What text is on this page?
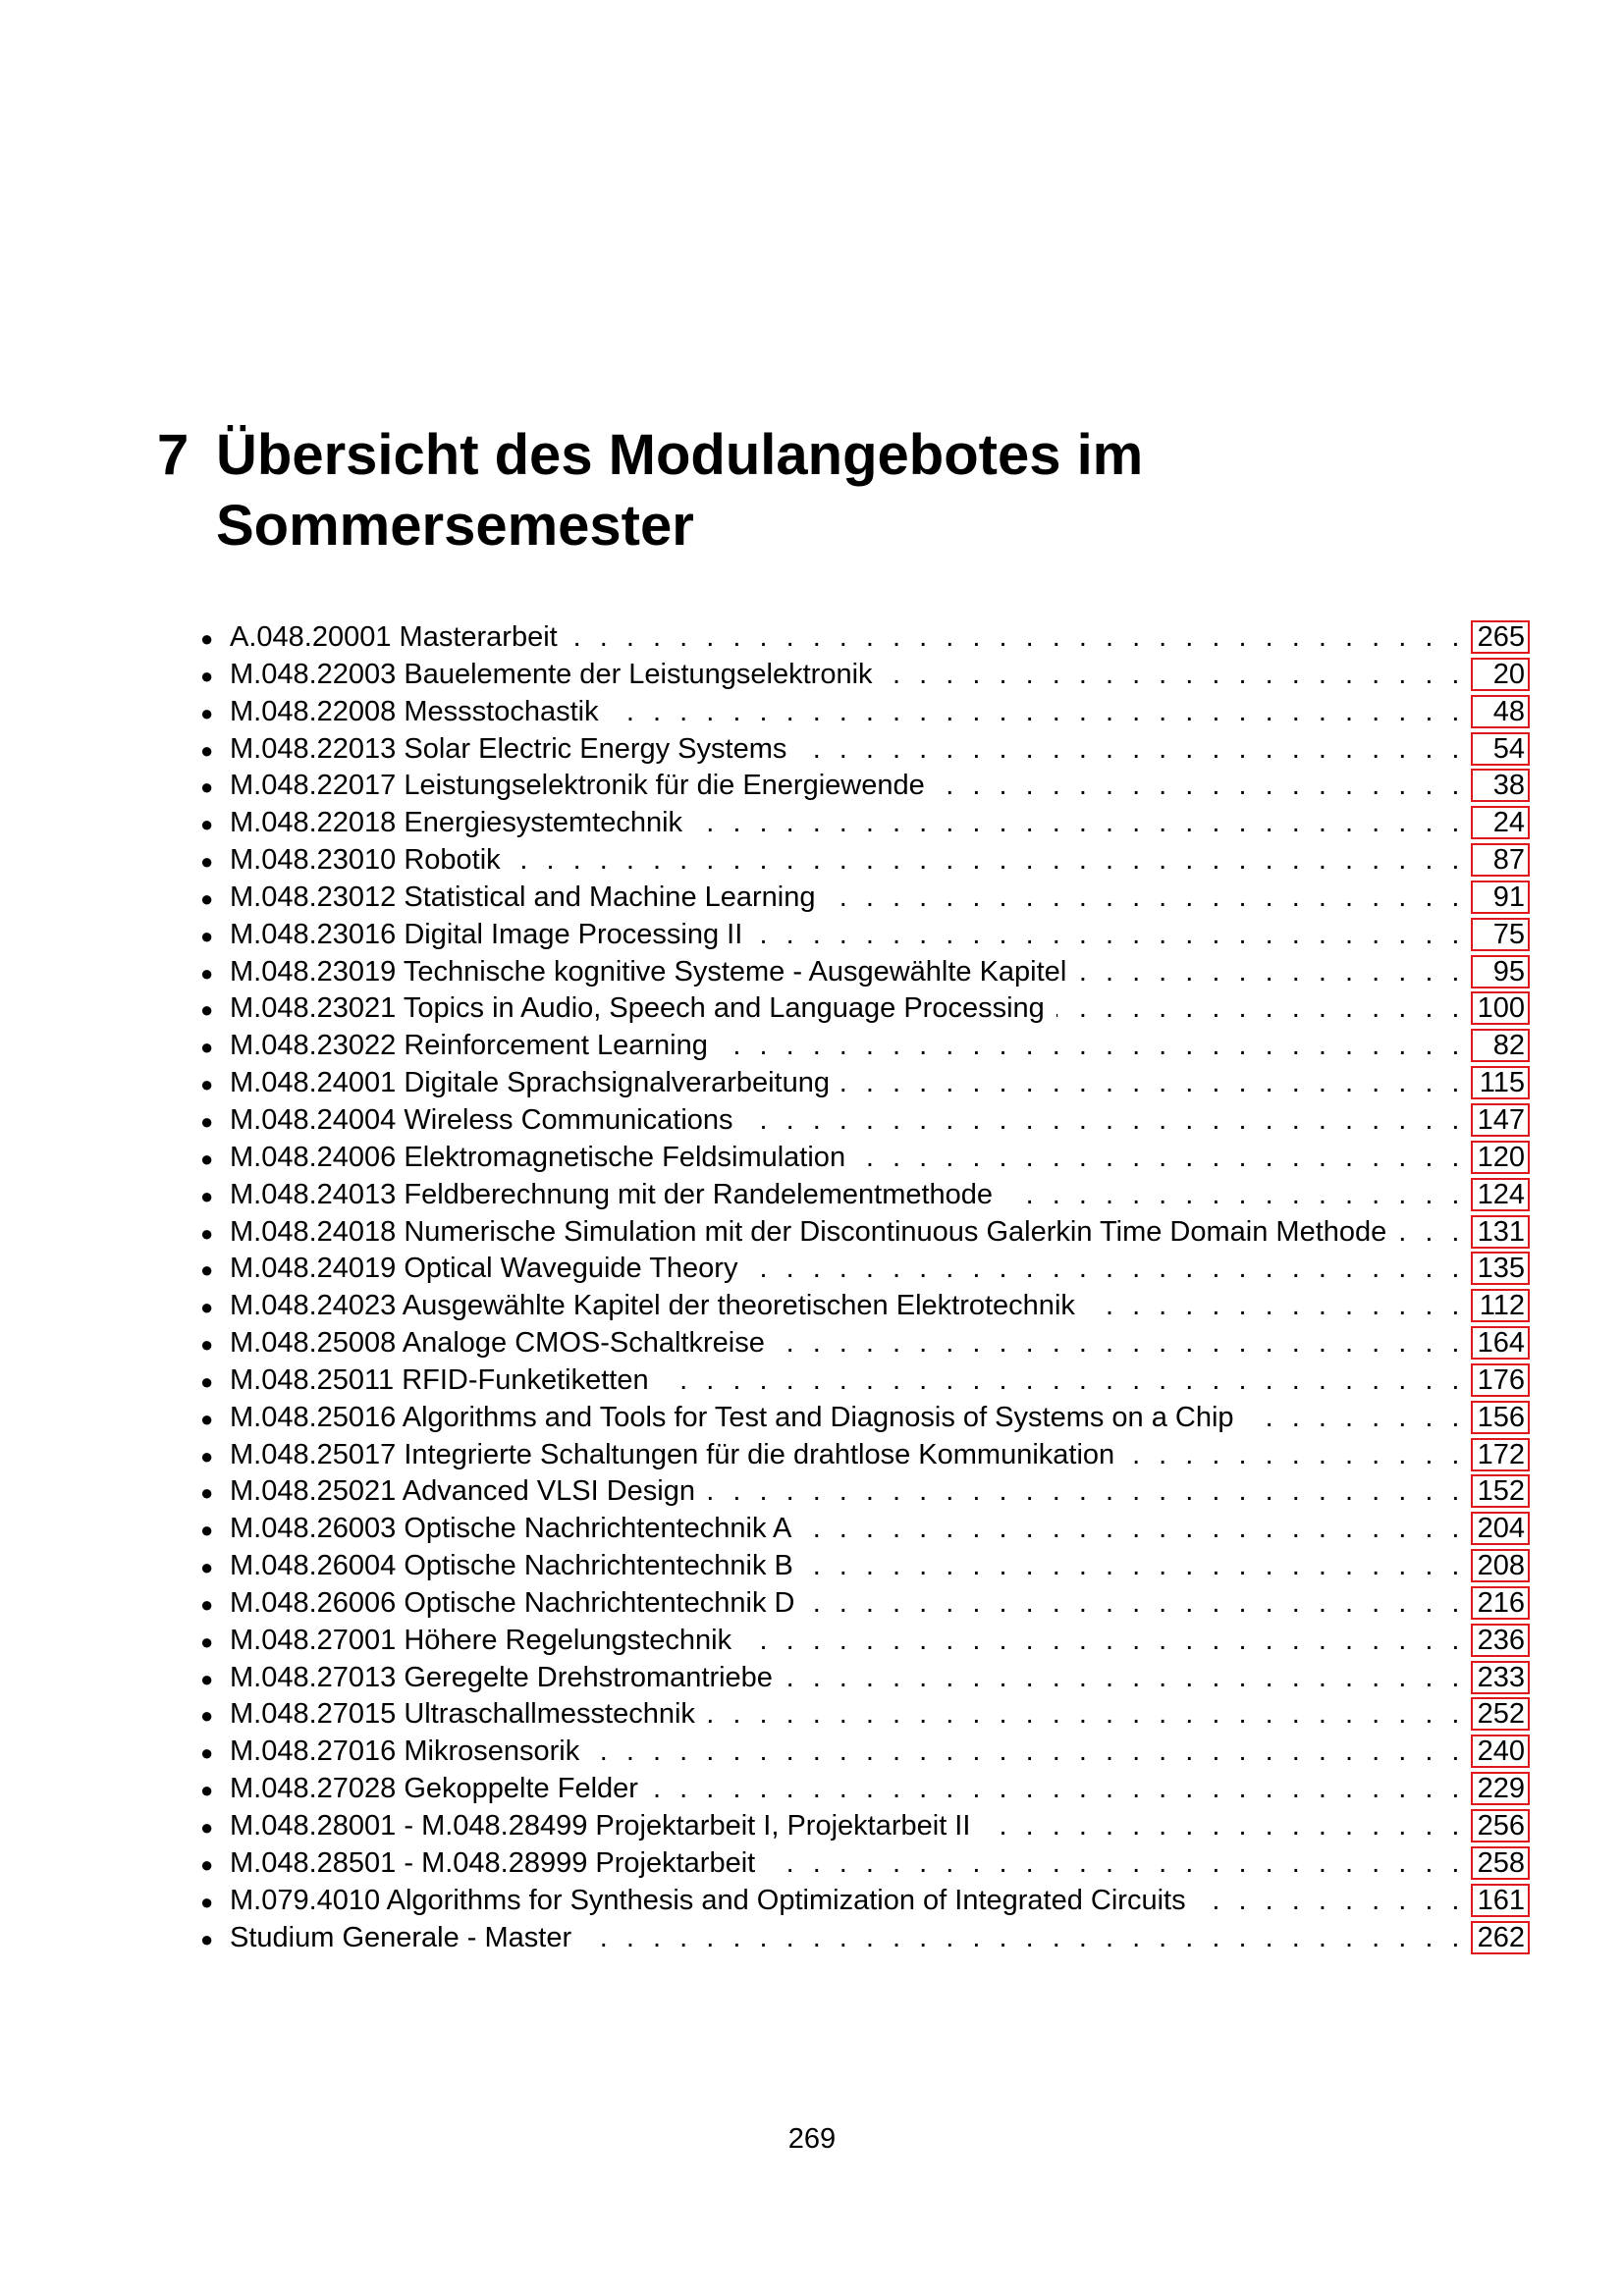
7 Übersicht des Modulangebotes im Sommersemester
● A.048.20001 Masterarbeit . . .	265
● M.048.22003 Bauelemente der Leistungselektronik . . .	20
● M.048.22008 Messstochastik . . .	48
● M.048.22013 Solar Electric Energy Systems . . .	54
● M.048.22017 Leistungselektronik für die Energiewende . . .	38
● M.048.22018 Energiesystemtechnik . . .	24
● M.048.23010 Robotik . . .	87
● M.048.23012 Statistical and Machine Learning . . .	91
● M.048.23016 Digital Image Processing II . . .	75
● M.048.23019 Technische kognitive Systeme - Ausgewählte Kapitel . . .	95
● M.048.23021 Topics in Audio, Speech and Language Processing . . .	100
● M.048.23022 Reinforcement Learning . . .	82
● M.048.24001 Digitale Sprachsignalverarbeitung . . .	115
● M.048.24004 Wireless Communications . . .	147
● M.048.24006 Elektromagnetische Feldsimulation . . .	120
● M.048.24013 Feldberechnung mit der Randelementmethode . . .	124
● M.048.24018 Numerische Simulation mit der Discontinuous Galerkin Time Domain Methode . . .	131
● M.048.24019 Optical Waveguide Theory . . .	135
● M.048.24023 Ausgewählte Kapitel der theoretischen Elektrotechnik . . .	112
● M.048.25008 Analoge CMOS-Schaltkreise . . .	164
● M.048.25011 RFID-Funketiketten . . .	176
● M.048.25016 Algorithms and Tools for Test and Diagnosis of Systems on a Chip . . .	156
● M.048.25017 Integrierte Schaltungen für die drahtlose Kommunikation . . .	172
● M.048.25021 Advanced VLSI Design . . .	152
● M.048.26003 Optische Nachrichtentechnik A . . .	204
● M.048.26004 Optische Nachrichtentechnik B . . .	208
● M.048.26006 Optische Nachrichtentechnik D . . .	216
● M.048.27001 Höhere Regelungstechnik . . .	236
● M.048.27013 Geregelte Drehstromantriebe . . .	233
● M.048.27015 Ultraschallmesstechnik . . .	252
● M.048.27016 Mikrosensorik . . .	240
● M.048.27028 Gekoppelte Felder . . .	229
● M.048.28001 - M.048.28499 Projektarbeit I, Projektarbeit II . . .	256
● M.048.28501 - M.048.28999 Projektarbeit . . .	258
● M.079.4010 Algorithms for Synthesis and Optimization of Integrated Circuits . . .	161
● Studium Generale - Master . . .	262
269
